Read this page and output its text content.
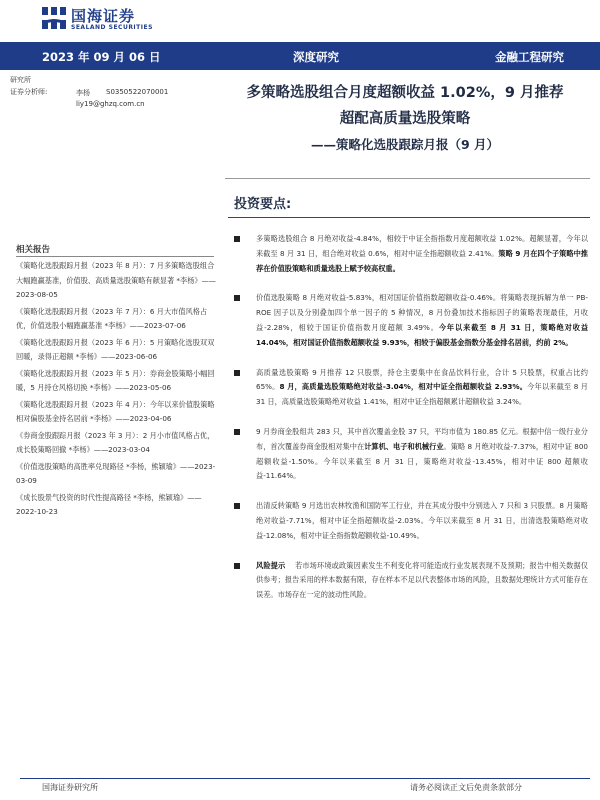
国海证券
SEALAND SECURITIES
2023 年 09 月 06 日	深度研究	金融工程研究
研究所
证券分析师:	李杨 S0350522070001
liy19@ghzq.com.cn
多策略选股组合月度超额收益 1.02%，9 月推荐
超配高质量选股策略
——策略化选股跟踪月报（9 月）
投资要点:
相关报告
《策略化选股跟踪月报（2023 年 8 月）：7 月多策略选股组合大幅跑赢基准，价值股、高质量选股策略有献显著 *李杨》——2023-08-05
《策略化选股跟踪月报（2023 年 7 月）：6 月大市值风格占优，价值选股小幅跑赢基准 *李杨》——2023-07-06
《策略化选股跟踪月报（2023 年 6 月）：5 月策略化选股双双回暖，录得正超额 *李杨》——2023-06-06
《策略化选股跟踪月报（2023 年 5 月）：券商金股策略小幅回暖，5 月持仓风格切换 *李杨》——2023-05-06
《策略化选股跟踪月报（2023 年 4 月）：今年以来价值股策略相对偏股基金持名居前 *李杨》——2023-04-06
《券商金股跟踪月报（2023 年 3 月）：2 月小市值风格占优，成长股策略回撤 *李杨》——2023-03-04
《价值选股策略的高胜率兑现路径 *李杨，熊颖瑜》——2023-03-09
《成长股景气投资的时代性提高路径 *李杨，熊颖瑜》——2022-10-23
多策略选股组合 8 月绝对收益-4.84%，相较于中证全指指数月度超额收益 1.02%。超额显著，今年以来截至 8 月 31 日，组合绝对收益 0.6%，相对中证全指超额收益 2.41%。策略 9 月在四个子策略中推荐在价值股策略和质量选股上赋予较高权重。
价值选股策略 8 月绝对收益-5.83%，相对国证价值指数超额收益-0.46%。将策略表现拆解为单一 PB-ROE 因子以及分别叠加四个单一因子的 5 种情况，8 月份叠加技术指标因子的策略表现最佳，月收益-2.28%，相较于国证价值指数月度超额 3.49%。今年以来截至 8 月 31 日，策略绝对收益 14.04%，相对国证价值指数超额收益 9.93%，相较于偏股基金指数分基金排名居前，约前 2%。
高质量选股策略 9 月推荐 12 只股票，持仓主要集中在食品饮料行业，合计 5 只股票，权重占比约 65%。8 月，高质量选股策略绝对收益-3.04%，相对中证全指超额收益 2.93%。今年以来截至 8 月 31 日，高质量选股策略绝对收益 1.41%，相对中证全指超额累计超额收益 3.24%。
9 月券商金股组共 283 只，其中首次覆盖金股 37 只，平均市值为 180.85 亿元。根据中信一级行业分布，首次覆盖券商金股相对集中在计算机、电子和机械行业。策略 8 月绝对收益-7.37%，相对中证 800 超额收益-1.50%。今年以来截至 8 月 31 日，策略绝对收益-13.45%，相对中证 800 超额收益-11.64%。
出清反转策略 9 月选出农林牧渔和国防军工行业，并在其成分股中分别选入 7 只和 3 只股票。8 月策略绝对收益-7.71%，相对中证全指超额收益-2.03%。今年以来截至 8 月 31 日，出清选股策略绝对收益-12.08%，相对中证全指指数超额收益-10.49%。
风险提示 若市场环境或政策因素发生不利变化将可能造成行业发展表现不及预期；报告中相关数据仅供参考；报告采用的样本数据有限，存在样本不足以代表整体市场的风险，且数据处理统计方式可能存在误差。市场存在一定的波动性风险。
国海证券研究所	请务必阅读正文后免责条款部分
